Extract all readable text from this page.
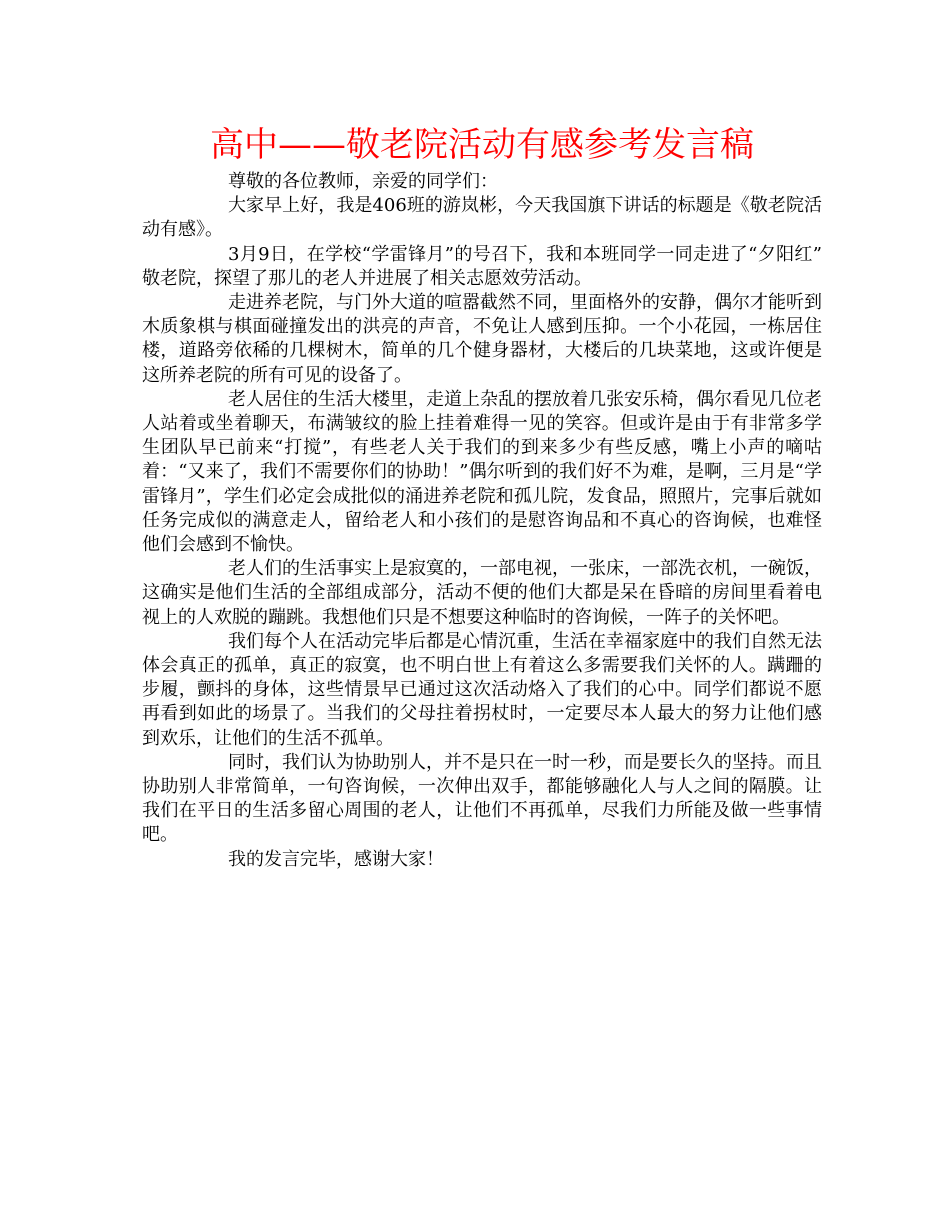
高中——敬老院活动有感参考发言稿

尊敬的各位教师，亲爱的同学们：

大家早上好，我是406班的游岚彬，今天我国旗下讲话的标题是《敬老院活动有感》。

3月9日，在学校“学雷锋月”的号召下，我和本班同学一同走进了“夕阳红” 敬老院，探望了那儿的老人并进展了相关志愿效劳活动。

走进养老院，与门外大道的喧嚣截然不同，里面格外的安静，偶尔才能听到木质象棋与棋面碰撞发出的洪亮的声音，不免让人感到压抑。一个小花园，一栋居住楼，道路旁依稀的几棵树木，简单的几个健身器材，大楼后的几块菜地，这或许便是这所养老院的所有可见的设备了。

老人居住的生活大楼里，走道上杂乱的摆放着几张安乐椅，偶尔看见几位老人站着或坐着聊天，布满皱纹的脸上挂着难得一见的笑容。但或许是由于有非常多学生团队早已前来“打搅”，有些老人关于我们的到来多少有些反感，嘴上小声的嘀咕着：“又来了，我们不需要你们的协助！”偶尔听到的我们好不为难，是啊，三月是“学雷锋月”，学生们必定会成批似的涌进养老院和孤儿院，发食品，照照片，完事后就如任务完成似的满意走人，留给老人和小孩们的是慰咨询品和不真心的咨询候，也难怪他们会感到不愉快。

老人们的生活事实上是寂寞的，一部电视，一张床，一部洗衣机，一碗饭，这确实是他们生活的全部组成部分，活动不便的他们大都是呆在昏暗的房间里看着电视上的人欢脱的蹦跳。我想他们只是不想要这种临时的咨询候，一阵子的关怀吧。

我们每个人在活动完毕后都是心情沉重，生活在幸福家庭中的我们自然无法体会真正的孤单，真正的寂寞，也不明白世上有着这么多需要我们关怀的人。蹒跚的步履，颤抖的身体，这些情景早已通过这次活动烙入了我们的心中。同学们都说不愿再看到如此的场景了。当我们的父母拄着拐杖时，一定要尽本人最大的努力让他们感到欢乐，让他们的生活不孤单。

同时，我们认为协助别人，并不是只在一时一秒，而是要长久的坚持。而且协助别人非常简单，一句咨询候，一次伸出双手，都能够融化人与人之间的隔膜。让我们在平日的生活多留心周围的老人，让他们不再孤单，尽我们力所能及做一些事情吧。

我的发言完毕，感谢大家！
